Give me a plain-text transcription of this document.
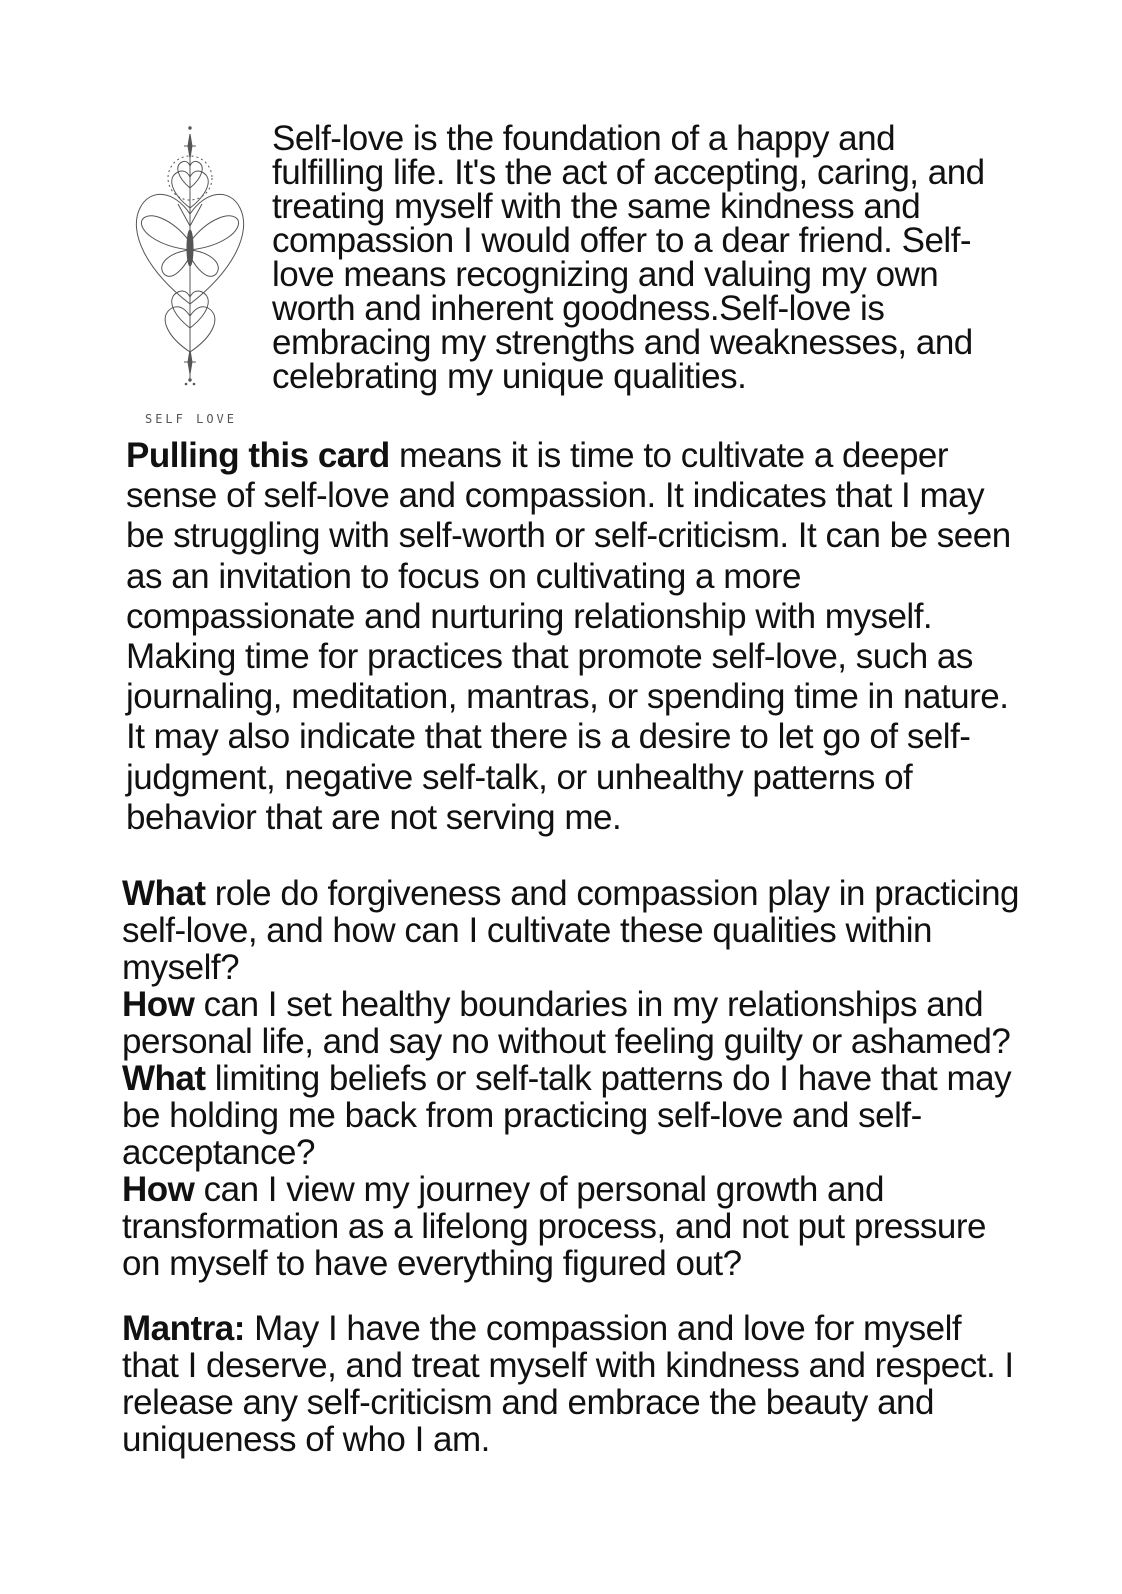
SELF LOVE

Self-love is the foundation of a happy and fulfilling life. It's the act of accepting, caring, and treating myself with the same kindness and compassion I would offer to a dear friend. Self-love means recognizing and valuing my own worth and inherent goodness.Self-love is embracing my strengths and weaknesses, and celebrating my unique qualities.

Pulling this card means it is time to cultivate a deeper sense of self-love and compassion. It indicates that I may be struggling with self-worth or self-criticism. It can be seen as an invitation to focus on cultivating a more compassionate and nurturing relationship with myself. Making time for practices that promote self-love, such as journaling, meditation, mantras, or spending time in nature. It may also indicate that there is a desire to let go of self-judgment, negative self-talk, or unhealthy patterns of behavior that are not serving me.

What role do forgiveness and compassion play in practicing self-love, and how can I cultivate these qualities within myself?

How can I set healthy boundaries in my relationships and personal life, and say no without feeling guilty or ashamed?

What limiting beliefs or self-talk patterns do I have that may be holding me back from practicing self-love and self-acceptance?

How can I view my journey of personal growth and transformation as a lifelong process, and not put pressure on myself to have everything figured out?

Mantra: May I have the compassion and love for myself that I deserve, and treat myself with kindness and respect. I release any self-criticism and embrace the beauty and uniqueness of who I am.
